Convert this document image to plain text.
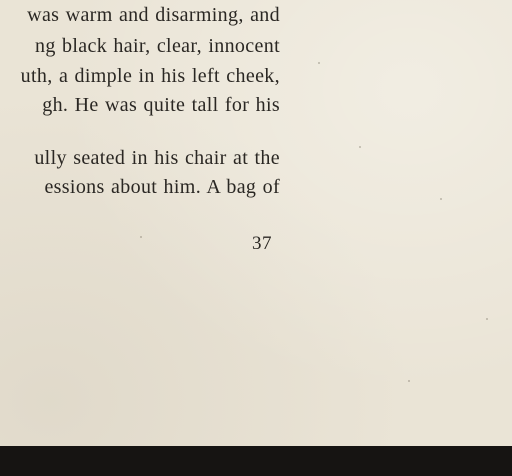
was warm and disarming, and
ng black hair, clear, innocent
uth, a dimple in his left cheek,
gh. He was quite tall for his
ully seated in his chair at the
essions about him. A bag of
37
